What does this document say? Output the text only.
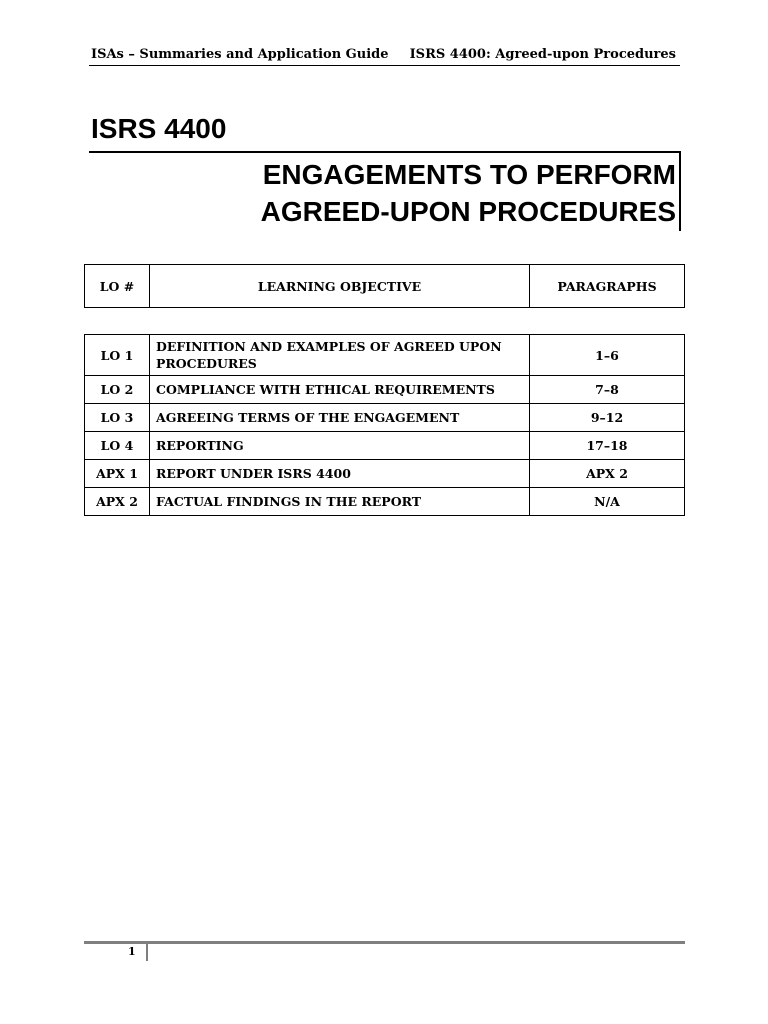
ISAs – Summaries and Application Guide ISRS 4400: Agreed-upon Procedures
ISRS 4400
ENGAGEMENTS TO PERFORM
AGREED-UPON PROCEDURES
LO #	LEARNING OBJECTIVE	PARAGRAPHS
LO 1	DEFINITION AND EXAMPLES OF AGREED UPON PROCEDURES	1–6
LO 2	COMPLIANCE WITH ETHICAL REQUIREMENTS	7–8
LO 3	AGREEING TERMS OF THE ENGAGEMENT	9–12
LO 4	REPORTING	17–18
APX 1	REPORT UNDER ISRS 4400	APX 2
APX 2	FACTUAL FINDINGS IN THE REPORT	N/A
1
